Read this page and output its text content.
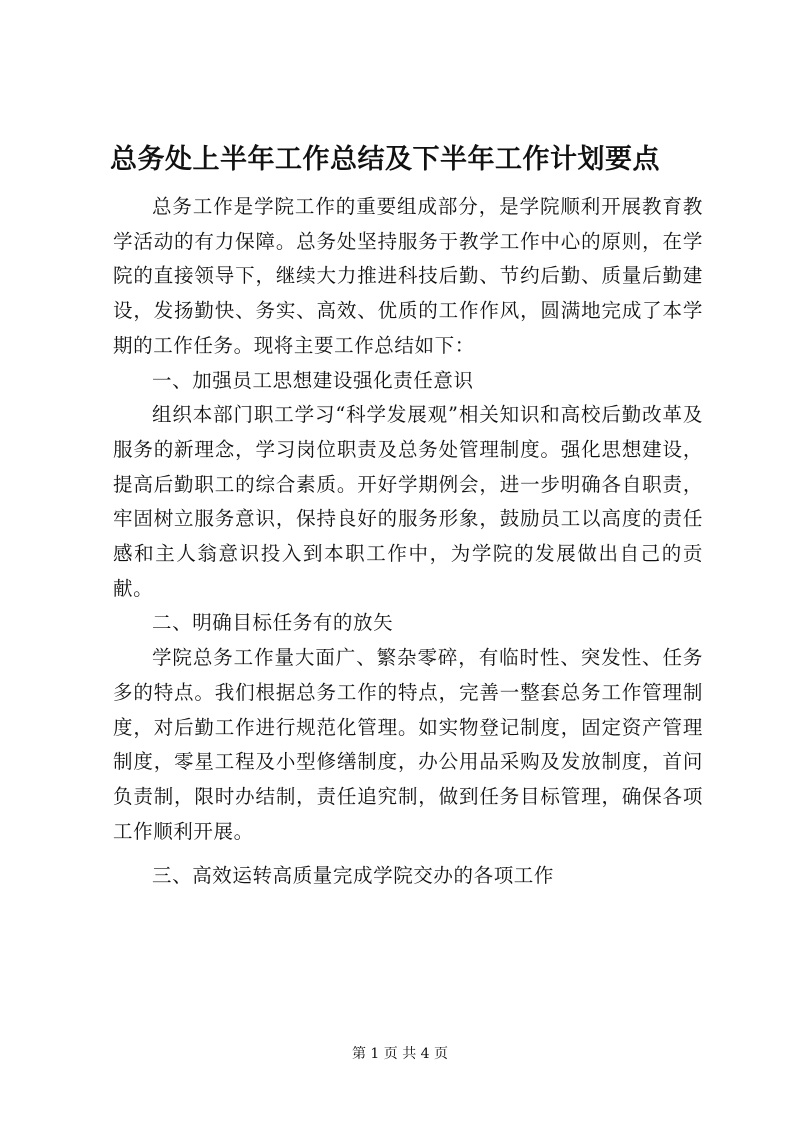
总务处上半年工作总结及下半年工作计划要点

总务工作是学院工作的重要组成部分，是学院顺利开展教育教学活动的有力保障。总务处坚持服务于教学工作中心的原则，在学院的直接领导下，继续大力推进科技后勤、节约后勤、质量后勤建设，发扬勤快、务实、高效、优质的工作作风，圆满地完成了本学期的工作任务。现将主要工作总结如下：

一、加强员工思想建设强化责任意识

组织本部门职工学习“科学发展观”相关知识和高校后勤改革及服务的新理念，学习岗位职责及总务处管理制度。强化思想建设，提高后勤职工的综合素质。开好学期例会，进一步明确各自职责，牢固树立服务意识，保持良好的服务形象，鼓励员工以高度的责任感和主人翁意识投入到本职工作中，为学院的发展做出自己的贡献。

二、明确目标任务有的放矢

学院总务工作量大面广、繁杂零碎，有临时性、突发性、任务多的特点。我们根据总务工作的特点，完善一整套总务工作管理制度，对后勤工作进行规范化管理。如实物登记制度，固定资产管理制度，零星工程及小型修缮制度，办公用品采购及发放制度，首问负责制，限时办结制，责任追究制，做到任务目标管理，确保各项工作顺利开展。

三、高效运转高质量完成学院交办的各项工作

第 1 页 共 4 页
